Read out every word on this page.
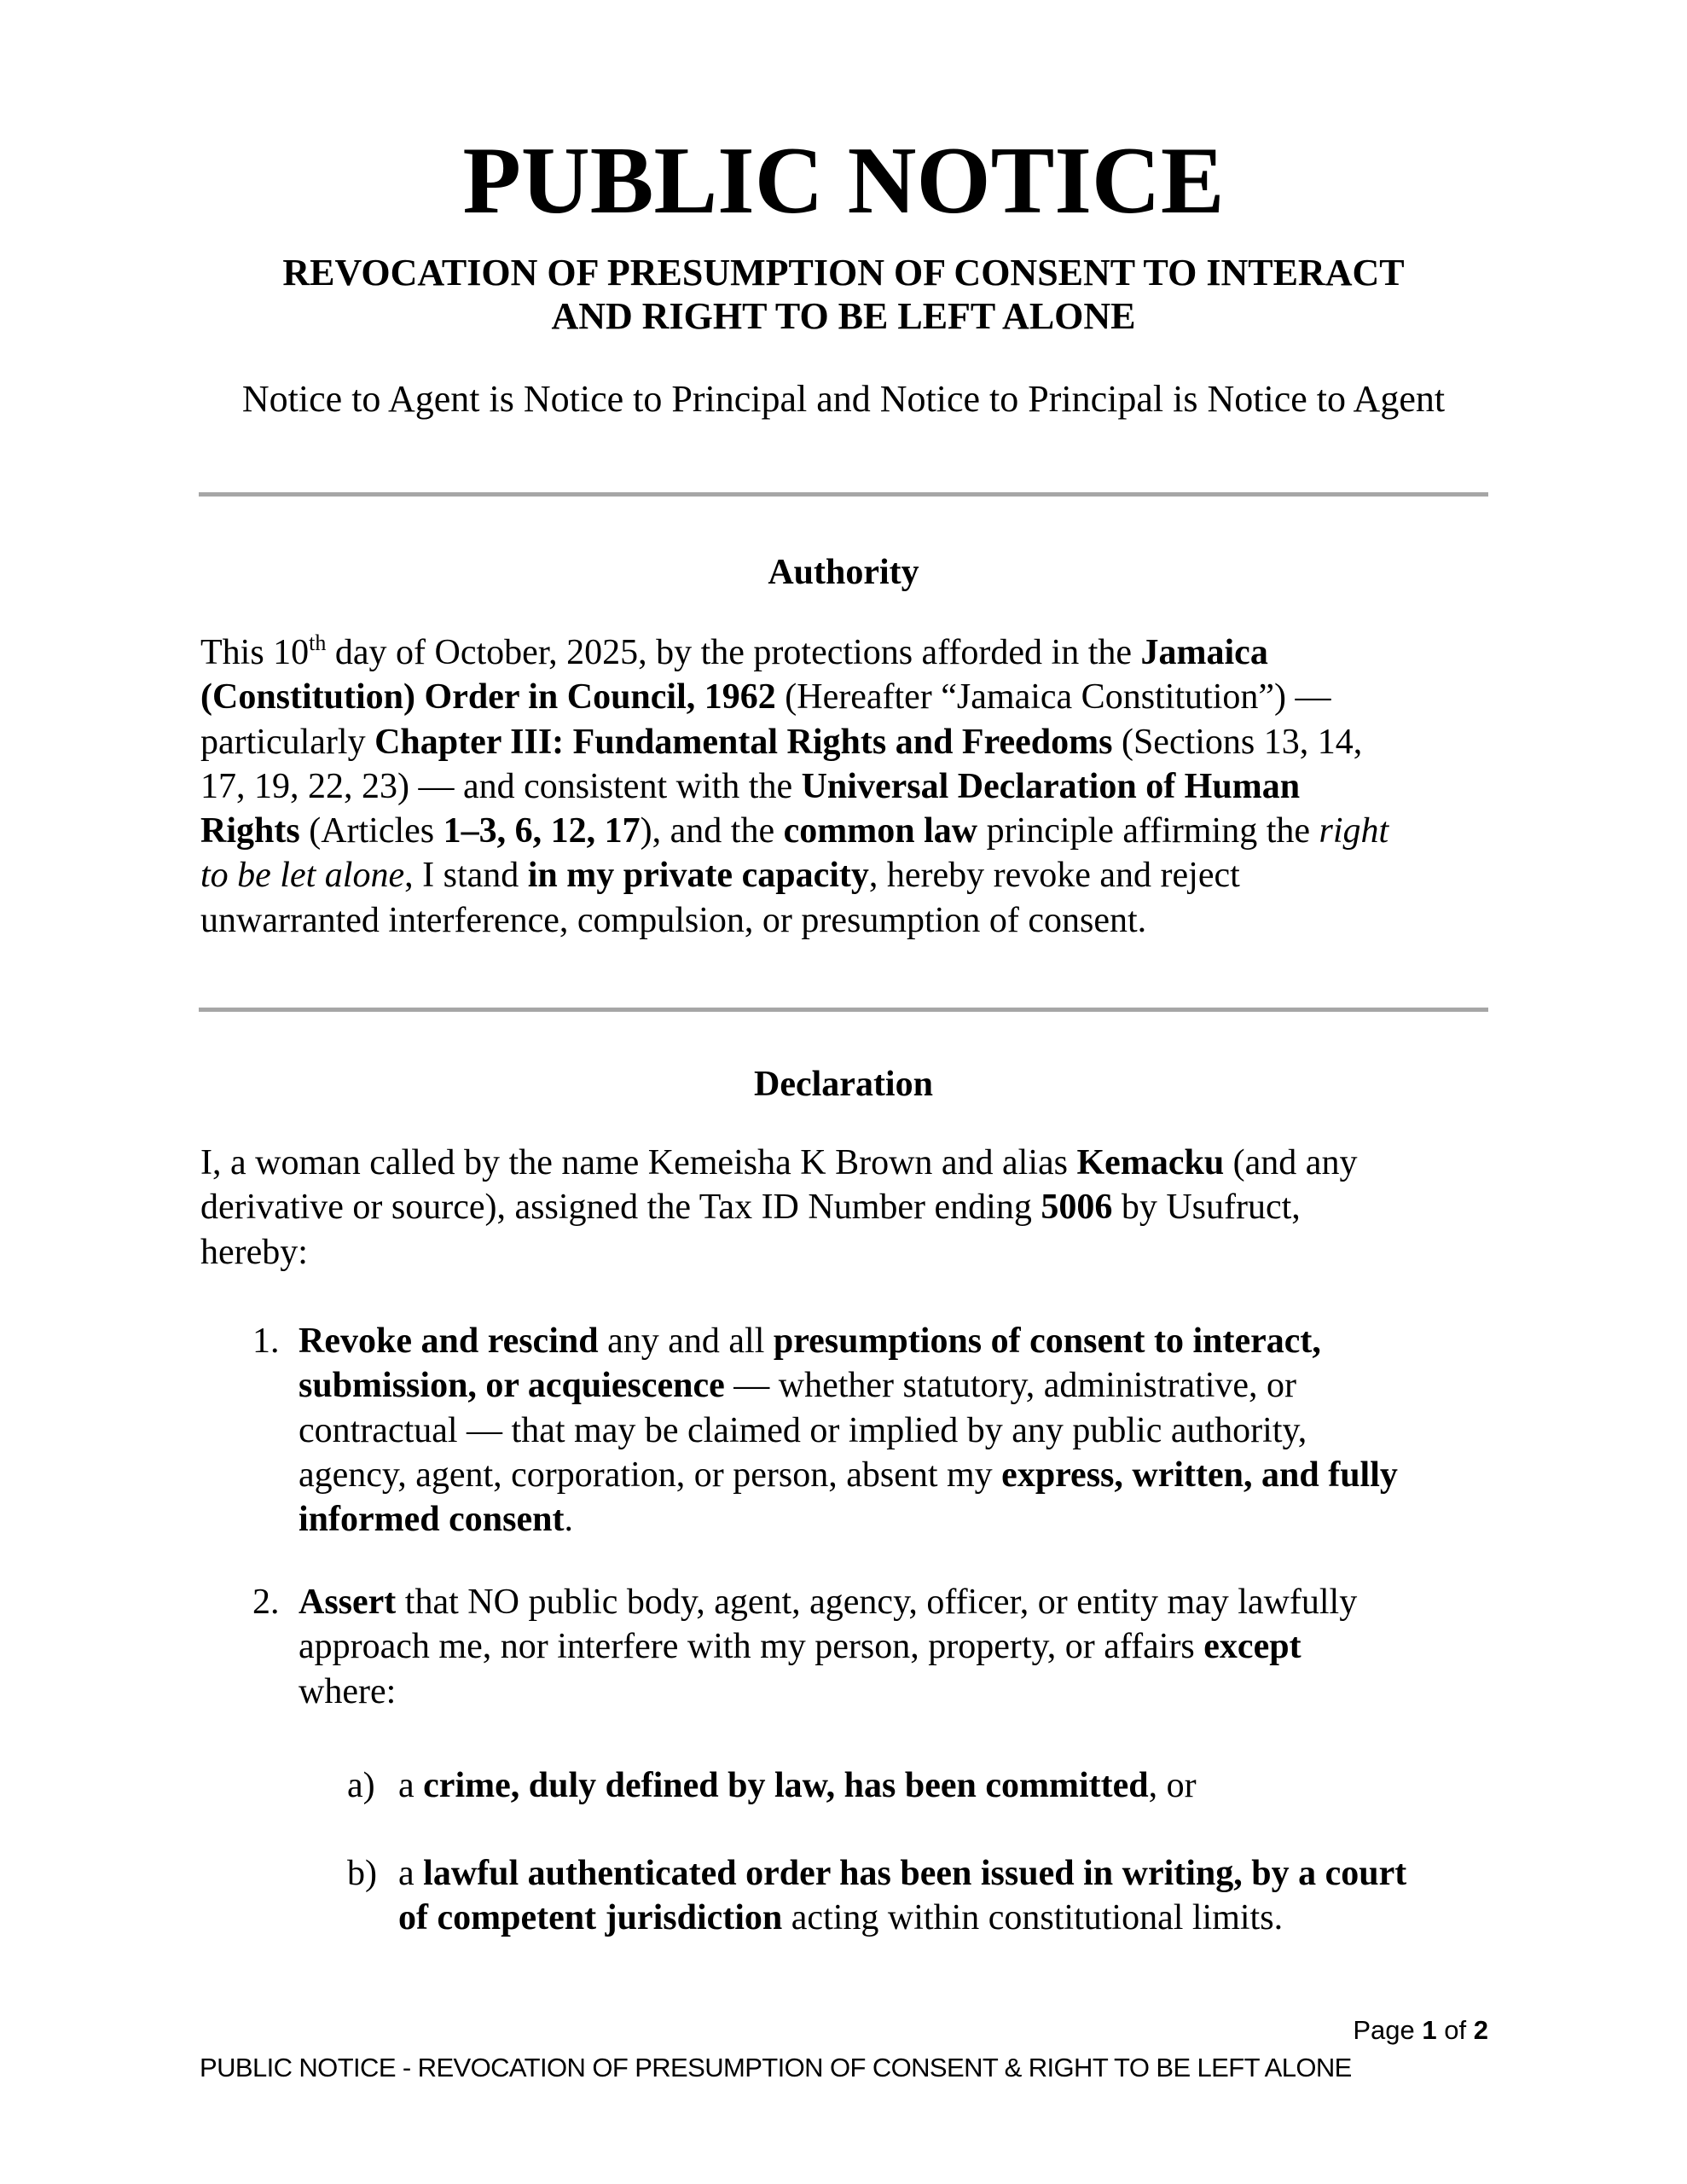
PUBLIC NOTICE
REVOCATION OF PRESUMPTION OF CONSENT TO INTERACT
AND RIGHT TO BE LEFT ALONE
Notice to Agent is Notice to Principal and Notice to Principal is Notice to Agent
Authority
This 10th day of October, 2025, by the protections afforded in the Jamaica
(Constitution) Order in Council, 1962 (Hereafter “Jamaica Constitution”) —
particularly Chapter III: Fundamental Rights and Freedoms (Sections 13, 14,
17, 19, 22, 23) — and consistent with the Universal Declaration of Human
Rights (Articles 1–3, 6, 12, 17), and the common law principle affirming the right
to be let alone, I stand in my private capacity, hereby revoke and reject
unwarranted interference, compulsion, or presumption of consent.
Declaration
I, a woman called by the name Kemeisha K Brown and alias Kemacku (and any
derivative or source), assigned the Tax ID Number ending 5006 by Usufruct,
hereby:
1. Revoke and rescind any and all presumptions of consent to interact,
submission, or acquiescence — whether statutory, administrative, or
contractual — that may be claimed or implied by any public authority,
agency, agent, corporation, or person, absent my express, written, and fully
informed consent.
2. Assert that NO public body, agent, agency, officer, or entity may lawfully
approach me, nor interfere with my person, property, or affairs except
where:
a) a crime, duly defined by law, has been committed, or
b) a lawful authenticated order has been issued in writing, by a court
of competent jurisdiction acting within constitutional limits.
Page 1 of 2
PUBLIC NOTICE - REVOCATION OF PRESUMPTION OF CONSENT & RIGHT TO BE LEFT ALONE
